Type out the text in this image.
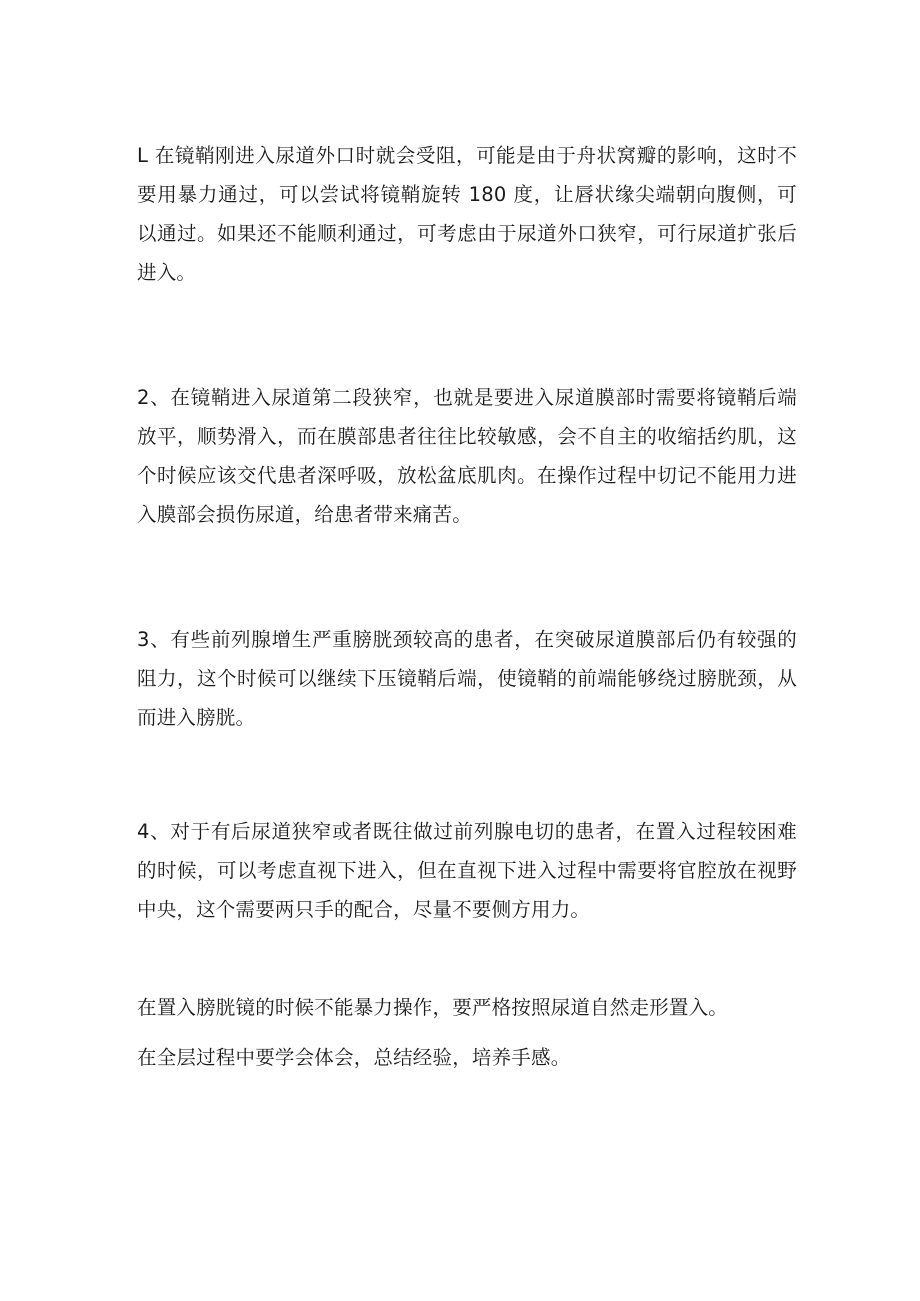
L 在镜鞘刚进入尿道外口时就会受阻，可能是由于舟状窝瓣的影响，这时不要用暴力通过，可以尝试将镜鞘旋转 180 度，让唇状缘尖端朝向腹侧，可以通过。如果还不能顺利通过，可考虑由于尿道外口狭窄，可行尿道扩张后进入。

2、在镜鞘进入尿道第二段狭窄，也就是要进入尿道膜部时需要将镜鞘后端放平，顺势滑入，而在膜部患者往往比较敏感，会不自主的收缩括约肌，这个时候应该交代患者深呼吸，放松盆底肌肉。在操作过程中切记不能用力进入膜部会损伤尿道，给患者带来痛苦。

3、有些前列腺增生严重膀胱颈较高的患者，在突破尿道膜部后仍有较强的阻力，这个时候可以继续下压镜鞘后端，使镜鞘的前端能够绕过膀胱颈，从而进入膀胱。

4、对于有后尿道狭窄或者既往做过前列腺电切的患者，在置入过程较困难的时候，可以考虑直视下进入，但在直视下进入过程中需要将官腔放在视野中央，这个需要两只手的配合，尽量不要侧方用力。

在置入膀胱镜的时候不能暴力操作，要严格按照尿道自然走形置入。

在全层过程中要学会体会，总结经验，培养手感。
